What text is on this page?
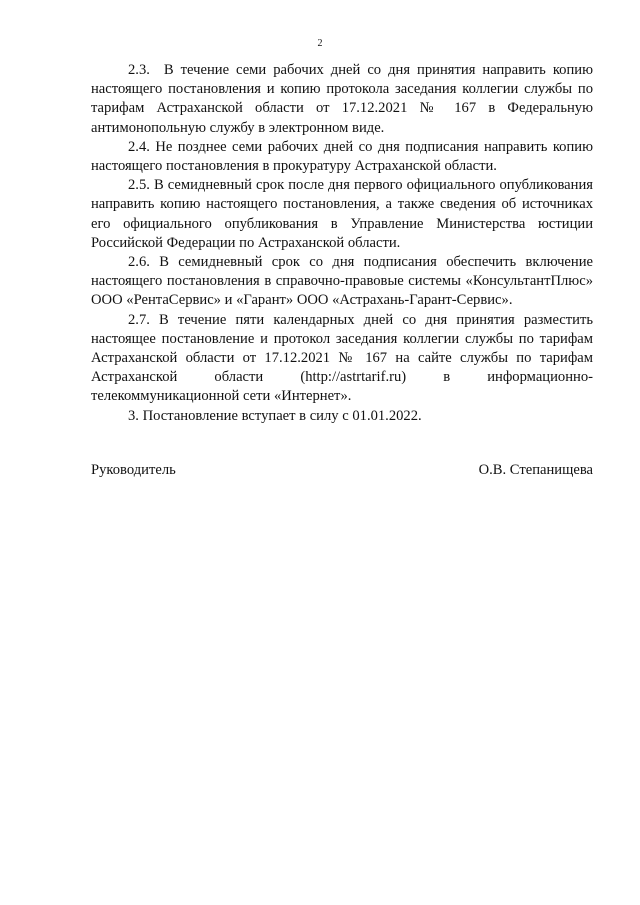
2

2.3.  В течение семи рабочих дней со дня принятия направить копию настоящего постановления и копию протокола заседания коллегии службы по тарифам Астраханской области от 17.12.2021 № 167 в Федеральную антимонопольную службу в электронном виде.

2.4. Не позднее семи рабочих дней со дня подписания направить копию настоящего постановления в прокуратуру Астраханской области.

2.5. В семидневный срок после дня первого официального опубликования направить копию настоящего постановления, а также сведения об источниках его официального опубликования в Управление Министерства юстиции Российской Федерации по Астраханской области.

2.6. В семидневный срок со дня подписания обеспечить включение настоящего постановления в справочно-правовые системы «КонсультантПлюс» ООО «РентаСервис» и «Гарант» ООО «Астрахань-Гарант-Сервис».

2.7. В течение пяти календарных дней со дня принятия разместить настоящее постановление и протокол заседания коллегии службы по тарифам Астраханской области от 17.12.2021 № 167 на сайте службы по тарифам Астраханской области (http://astrtarif.ru) в информационно-телекоммуникационной сети «Интернет».

3. Постановление вступает в силу с 01.01.2022.

Руководитель	О.В. Степанищева
